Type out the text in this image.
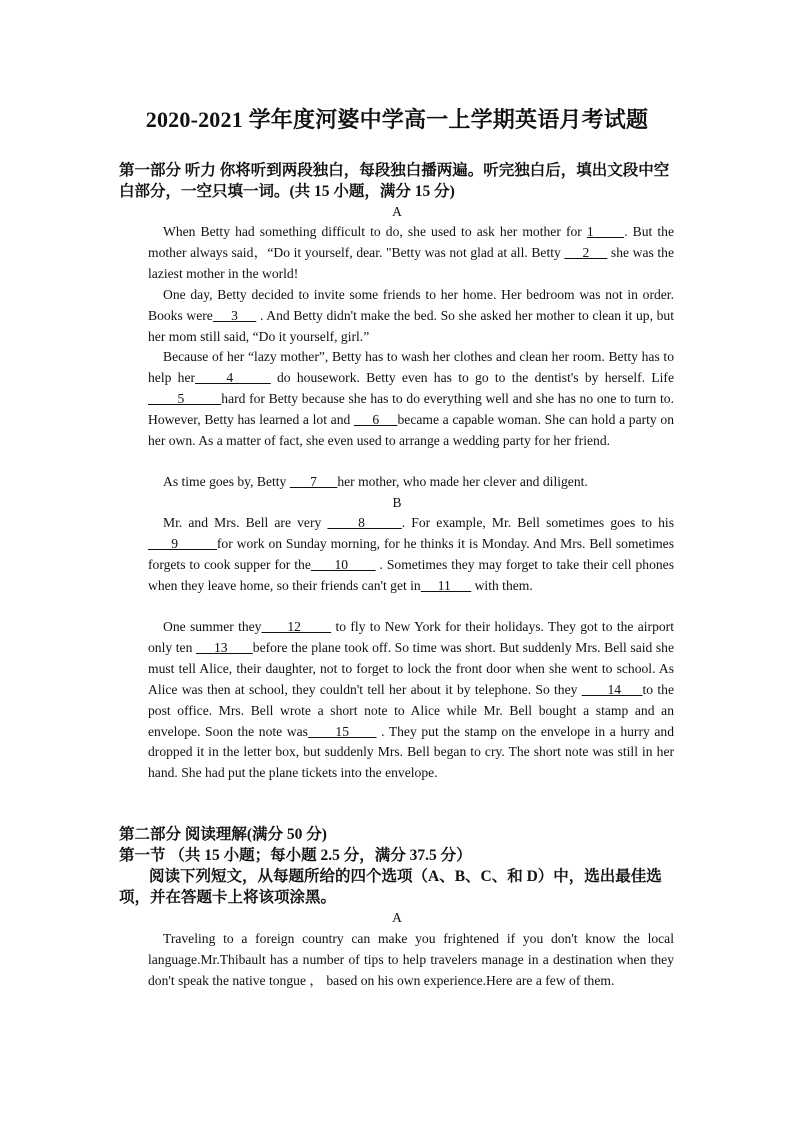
2020-2021 学年度河婆中学高一上学期英语月考试题
第一部分 听力 你将听到两段独白，每段独白播两遍。听完独白后，填出文段中空白部分，一空只填一词。(共 15 小题，满分 15 分)
A
When Betty had something difficult to do, she used to ask her mother for 1      . But the mother always said，“Do it yourself, dear. "Betty was not glad at all. Betty      2      she was the laziest mother in the world!
One day, Betty decided to invite some friends to her home. Her bedroom was not in order. Books were     3      . And Betty didn't make the bed. So she asked her mother to clean it up, but her mom still said, “Do it yourself, girl.”
Because of her “lazy mother”, Betty has to wash her clothes and clean her room. Betty has to help her     4       do housework. Betty even has to go to the dentist's by herself. Life         5          hard for Betty because she has to do everything well and she has no one to turn to. However, Betty has learned a lot and      6     became a capable woman. She can hold a party on her own. As a matter of fact, she even used to arrange a wedding party for her friend.
As time goes by, Betty       7      her mother, who made her clever and diligent.
B
Mr. and Mrs. Bell are very      8      . For example, Mr. Bell sometimes goes to his       9          for work on Sunday morning, for he thinks it is Monday. And Mrs. Bell sometimes forgets to cook supper for the      10        . Sometimes they may forget to take their cell phones when they leave home, so their friends can't get in     11       with them.
One summer they      12        to fly to New York for their holidays. They got to the airport only ten      13       before the plane took off. So time was short. But suddenly Mrs. Bell said she must tell Alice, their daughter, not to forget to lock the front door when she went to school. As Alice was then at school, they couldn't tell her about it by telephone. So they       14     to the post office. Mrs. Bell wrote a short note to Alice while Mr. Bell bought a stamp and an envelope. Soon the note was      15       . They put the stamp on the envelope in a hurry and dropped it in the letter box, but suddenly Mrs. Bell began to cry. The short note was still in her hand. She had put the plane tickets into the envelope.
第二部分 阅读理解(满分 50 分)
第一节 （共 15 小题；每小题 2.5 分，满分 37.5 分）
阅读下列短文，从每题所给的四个选项（A、B、C、和 D）中，选出最佳选项，并在答题卡上将该项涂黑。
A
Traveling to a foreign country can make you frightened if you don't know the local language.Mr.Thibault has a number of tips to help travelers manage in a destination when they don't speak the native tongue ， based on his own experience.Here are a few of them.
